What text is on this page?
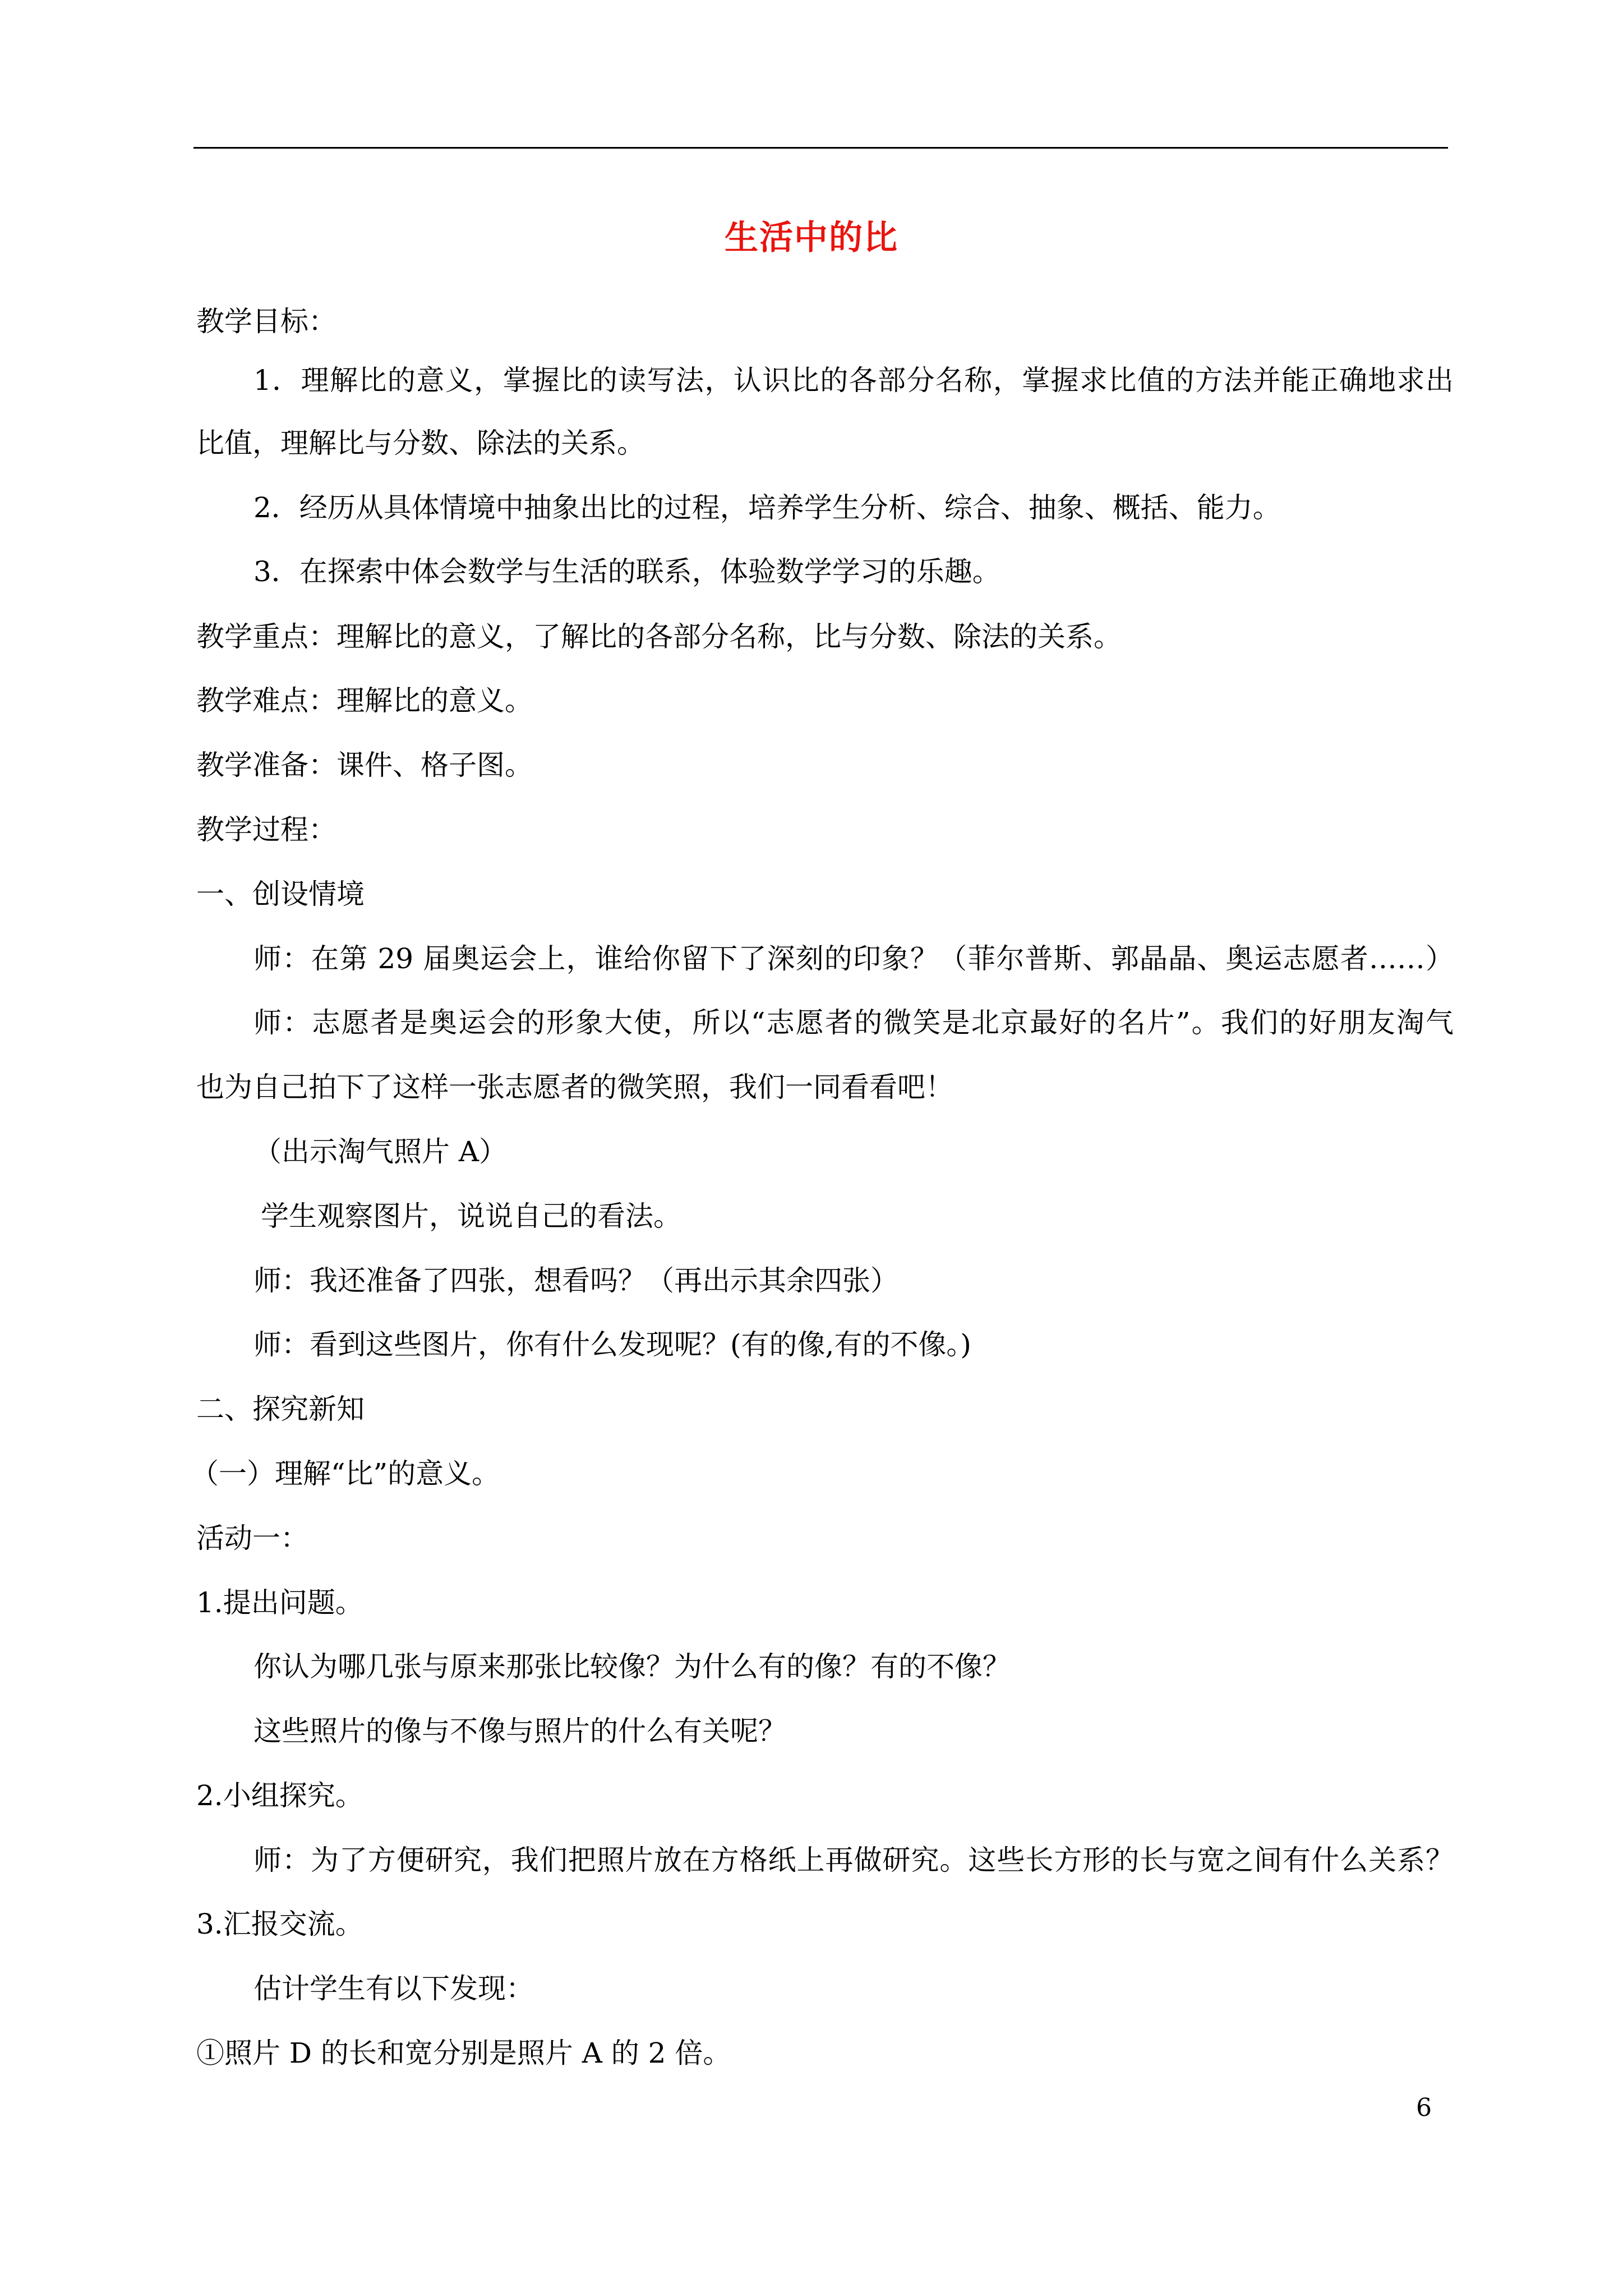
生活中的比
教学目标：
1．理解比的意义，掌握比的读写法，认识比的各部分名称，掌握求比值的方法并能正确地求出
比值，理解比与分数、除法的关系。
2．经历从具体情境中抽象出比的过程，培养学生分析、综合、抽象、概括、能力。
3．在探索中体会数学与生活的联系，体验数学学习的乐趣。
教学重点：理解比的意义，了解比的各部分名称，比与分数、除法的关系。
教学难点：理解比的意义。
教学准备：课件、格子图。
教学过程：
一、创设情境
师：在第 29 届奥运会上，谁给你留下了深刻的印象？（菲尔普斯、郭晶晶、奥运志愿者……）
师：志愿者是奥运会的形象大使，所以“志愿者的微笑是北京最好的名片”。我们的好朋友淘气
也为自己拍下了这样一张志愿者的微笑照，我们一同看看吧！
（出示淘气照片 A）
学生观察图片，说说自己的看法。
师：我还准备了四张，想看吗？（再出示其余四张）
师：看到这些图片，你有什么发现呢？(有的像,有的不像。)
二、探究新知
（一）理解“比”的意义。
活动一：
1.提出问题。
你认为哪几张与原来那张比较像？为什么有的像？有的不像？
这些照片的像与不像与照片的什么有关呢？
2.小组探究。
师：为了方便研究，我们把照片放在方格纸上再做研究。这些长方形的长与宽之间有什么关系？
3.汇报交流。
估计学生有以下发现：
①照片 D 的长和宽分别是照片 A 的 2 倍。
6
